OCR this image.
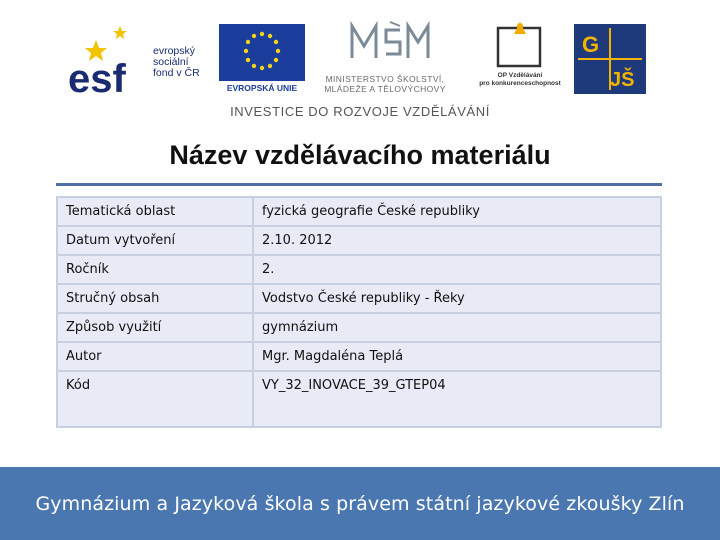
esf
evropský
sociální
fond v ČR
EVROPSKÁ UNIE
MINISTERSTVO ŠKOLSTVÍ,
MLÁDEŽE A TĚLOVÝCHOVY
OP Vzdělávání
pro konkurenceschopnost
G
JŠ
INVESTICE DO ROZVOJE VZDĚLÁVÁNÍ
Název vzdělávacího materiálu
Tematická oblast	fyzická geografie České republiky
Datum vytvoření	2.10. 2012
Ročník	2.
Stručný obsah	Vodstvo České republiky - Řeky
Způsob využití	gymnázium
Autor	Mgr. Magdaléna Teplá
Kód	VY_32_INOVACE_39_GTEP04
Gymnázium a Jazyková škola s právem státní jazykové zkoušky Zlín
